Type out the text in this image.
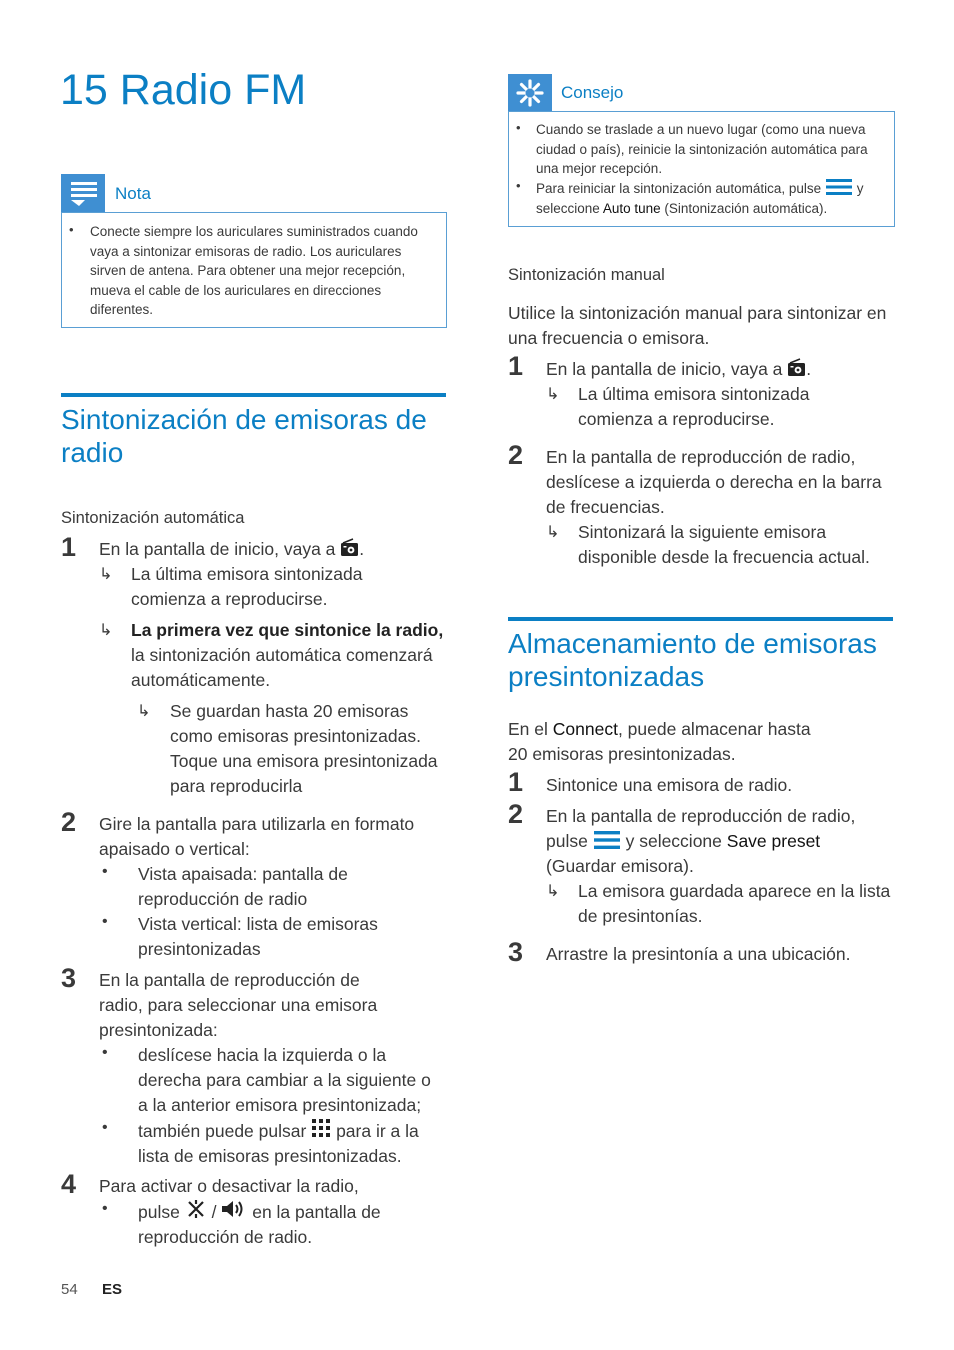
15 Radio FM
Nota
• Conecte siempre los auriculares suministrados cuando vaya a sintonizar emisoras de radio. Los auriculares sirven de antena. Para obtener una mejor recepción, mueva el cable de los auriculares en direcciones diferentes.
Sintonización de emisoras de
radio
Sintonización automática
1 En la pantalla de inicio, vaya a .
↳ La última emisora sintonizada comienza a reproducirse.
↳ La primera vez que sintonice la radio,
la sintonización automática comenzará automáticamente.
↳ Se guardan hasta 20 emisoras como emisoras presintonizadas. Toque una emisora presintonizada para reproducirla
2 Gire la pantalla para utilizarla en formato apaisado o vertical:
• Vista apaisada: pantalla de reproducción de radio
• Vista vertical: lista de emisoras presintonizadas
3 En la pantalla de reproducción de radio, para seleccionar una emisora presintonizada:
• deslícese hacia la izquierda o la derecha para cambiar a la siguiente o a la anterior emisora presintonizada;
• también puede pulsar para ir a la
lista de emisoras presintonizadas.
4 Para activar o desactivar la radio,
• pulse / en la pantalla de
reproducción de radio.
54 ES
Consejo
• Cuando se traslade a un nuevo lugar (como una nueva ciudad o país), reinicie la sintonización automática para una mejor recepción.
• Para reiniciar la sintonización automática, pulse	y
seleccione Auto tune (Sintonización automática).
Sintonización manual
Utilice la sintonización manual para sintonizar en una frecuencia o emisora.
1 En la pantalla de inicio, vaya a .
↳ La última emisora sintonizada comienza a reproducirse.
2 En la pantalla de reproducción de radio, deslícese a izquierda o derecha en la barra de frecuencias.
↳ Sintonizará la siguiente emisora disponible desde la frecuencia actual.
Almacenamiento de emisoras
presintonizadas
En el Connect, puede almacenar hasta
20 emisoras presintonizadas.
1 Sintonice una emisora de radio.
2 En la pantalla de reproducción de radio,
pulse y seleccione Save preset
(Guardar emisora).
↳ La emisora guardada aparece en la lista de presintonías.
3 Arrastre la presintonía a una ubicación.
